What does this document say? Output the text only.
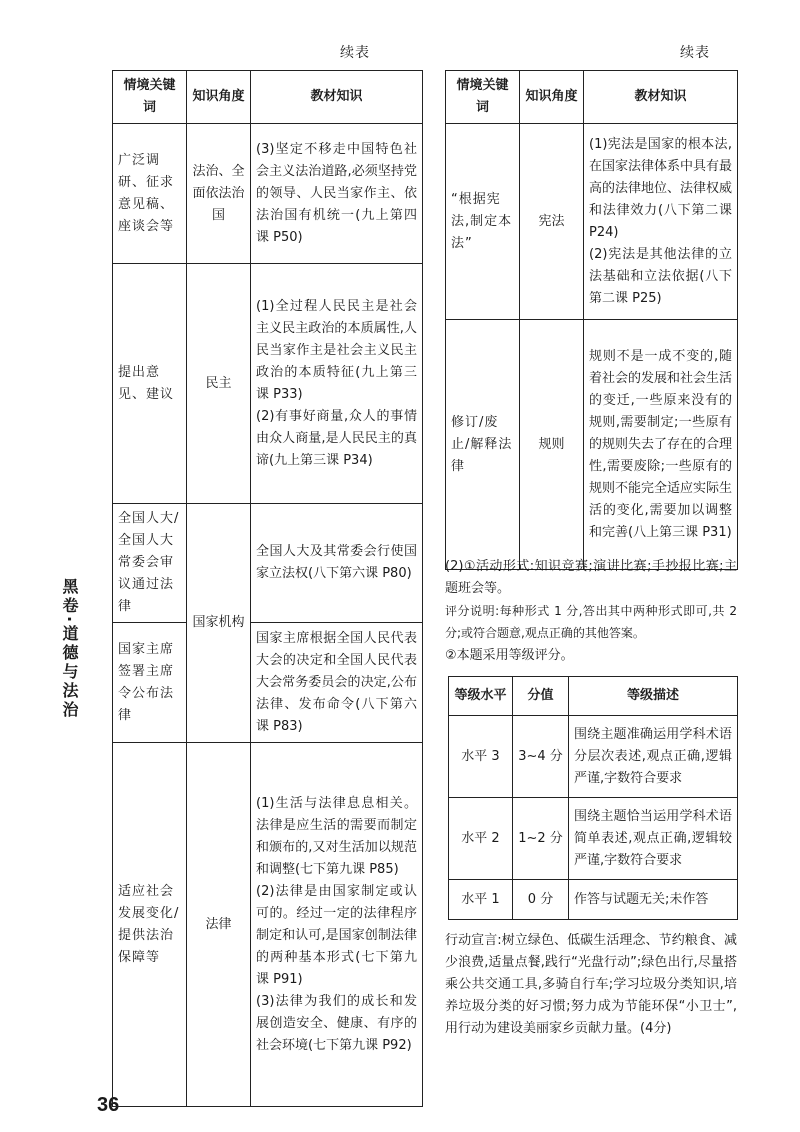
续表	续表
黑卷·道德与法治
36
情境关键词	知识角度	教材知识
广泛调研、征求意见稿、座谈会等	法治、全面依法治国	(3)坚定不移走中国特色社会主义法治道路,必须坚持党的领导、人民当家作主、依法治国有机统一(九上第四课 P50)
提出意见、建议	民主	(1)全过程人民民主是社会主义民主政治的本质属性,人民当家作主是社会主义民主政治的本质特征(九上第三课 P33)
(2)有事好商量,众人的事情由众人商量,是人民民主的真谛(九上第三课 P34)
全国人大/全国人大常委会审议通过法律	国家机构	全国人大及其常委会行使国家立法权(八下第六课 P80)
国家主席签署主席令公布法律		国家主席根据全国人民代表大会的决定和全国人民代表大会常务委员会的决定,公布法律、发布命令(八下第六课 P83)
适应社会发展变化/提供法治保障等	法律	(1)生活与法律息息相关。法律是应生活的需要而制定和颁布的,又对生活加以规范和调整(七下第九课 P85)
(2)法律是由国家制定或认可的。经过一定的法律程序制定和认可,是国家创制法律的两种基本形式(七下第九课 P91)
(3)法律为我们的成长和发展创造安全、健康、有序的社会环境(七下第九课 P92)
情境关键词	知识角度	教材知识
“根据宪法,制定本法”	宪法	(1)宪法是国家的根本法,在国家法律体系中具有最高的法律地位、法律权威和法律效力(八下第二课 P24)
(2)宪法是其他法律的立法基础和立法依据(八下第二课 P25)
修订/废止/解释法律	规则	规则不是一成不变的,随着社会的发展和社会生活的变迁,一些原来没有的规则,需要制定;一些原有的规则失去了存在的合理性,需要废除;一些原有的规则不能完全适应实际生活的变化,需要加以调整和完善(八上第三课 P31)
(2)①活动形式:知识竞赛;演讲比赛;手抄报比赛;主题班会等。
评分说明:每种形式 1 分,答出其中两种形式即可,共 2 分;或符合题意,观点正确的其他答案。
②本题采用等级评分。
等级水平	分值	等级描述
水平 3	3~4 分	围绕主题准确运用学科术语分层次表述,观点正确,逻辑严谨,字数符合要求
水平 2	1~2 分	围绕主题恰当运用学科术语简单表述,观点正确,逻辑较严谨,字数符合要求
水平 1	0 分	作答与试题无关;未作答
行动宣言:树立绿色、低碳生活理念、节约粮食、减少浪费,适量点餐,践行“光盘行动”;绿色出行,尽量搭乘公共交通工具,多骑自行车;学习垃圾分类知识,培养垃圾分类的好习惯;努力成为节能环保“小卫士”,用行动为建设美丽家乡贡献力量。(4分)
